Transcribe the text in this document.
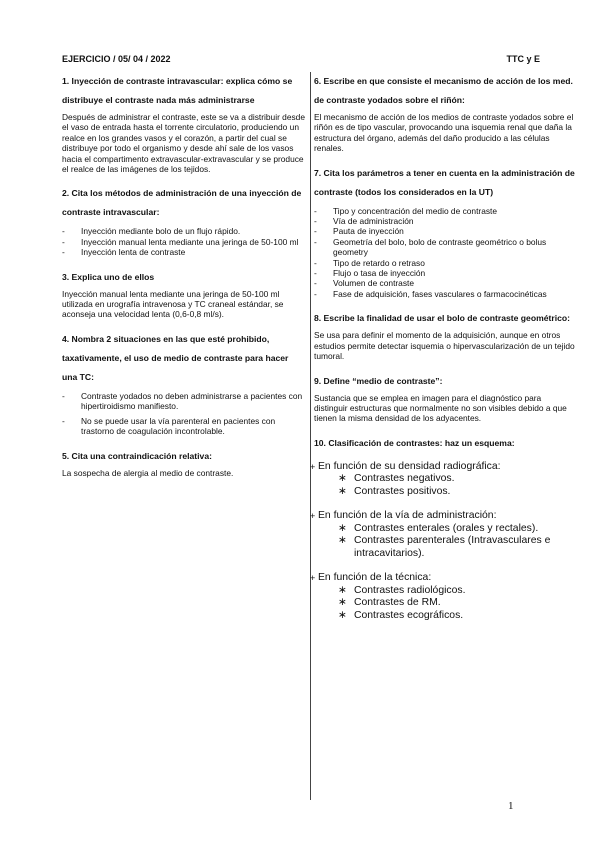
EJERCICIO / 05/ 04 / 2022	TTC y E

1. Inyección de contraste intravascular: explica cómo se distribuye el contraste nada más administrarse

Después de administrar el contraste, este se va a distribuir desde el vaso de entrada hasta el torrente circulatorio, produciendo un realce en los grandes vasos y el corazón, a partir del cual se distribuye por todo el organismo y desde ahí sale de los vasos hacia el compartimento extravascular-extravascular y se produce el realce de las imágenes de los tejidos.

2. Cita los métodos de administración de una inyección de contraste intravascular:

- Inyección mediante bolo de un flujo rápido.
- Inyección manual lenta mediante una jeringa de 50-100 ml
- Inyección lenta de contraste

3. Explica uno de ellos

Inyección manual lenta mediante una jeringa de 50-100 ml utilizada en urografía intravenosa y TC craneal estándar, se aconseja una velocidad lenta (0,6-0,8 ml/s).

4. Nombra 2 situaciones en las que esté prohibido, taxativamente, el uso de medio de contraste para hacer una TC:

- Contraste yodados no deben administrarse a pacientes con hipertiroidismo manifiesto.
- No se puede usar la vía parenteral en pacientes con trastorno de coagulación incontrolable.

5. Cita una contraindicación relativa:

La sospecha de alergia al medio de contraste.

6. Escribe en que consiste el mecanismo de acción de los med. de contraste yodados sobre el riñón:

El mecanismo de acción de los medios de contraste yodados sobre el riñón es de tipo vascular, provocando una isquemia renal que daña la estructura del órgano, además del daño producido a las células renales.

7. Cita los parámetros a tener en cuenta en la administración de contraste (todos los considerados en la UT)

- Tipo y concentración del medio de contraste
- Vía de administración
- Pauta de inyección
- Geometría del bolo, bolo de contraste geométrico o bolus geometry
- Tipo de retardo o retraso
- Flujo o tasa de inyección
- Volumen de contraste
- Fase de adquisición, fases vasculares o farmacocinéticas

8. Escribe la finalidad de usar el bolo de contraste geométrico:

Se usa para definir el momento de la adquisición, aunque en otros estudios permite detectar isquemia o hipervascularización de un tejido tumoral.

9. Define “medio de contraste”:

Sustancia que se emplea en imagen para el diagnóstico para distinguir estructuras que normalmente no son visibles debido a que tienen la misma densidad de los adyacentes.

10. Clasificación de contrastes: haz un esquema:

+ En función de su densidad radiográfica:
∗ Contrastes negativos.
∗ Contrastes positivos.
+ En función de la vía de administración:
∗ Contrastes enterales (orales y rectales).
∗ Contrastes parenterales (Intravasculares e intracavitarios).
+ En función de la técnica:
∗ Contrastes radiológicos.
∗ Contrastes de RM.
∗ Contrastes ecográficos.
1
